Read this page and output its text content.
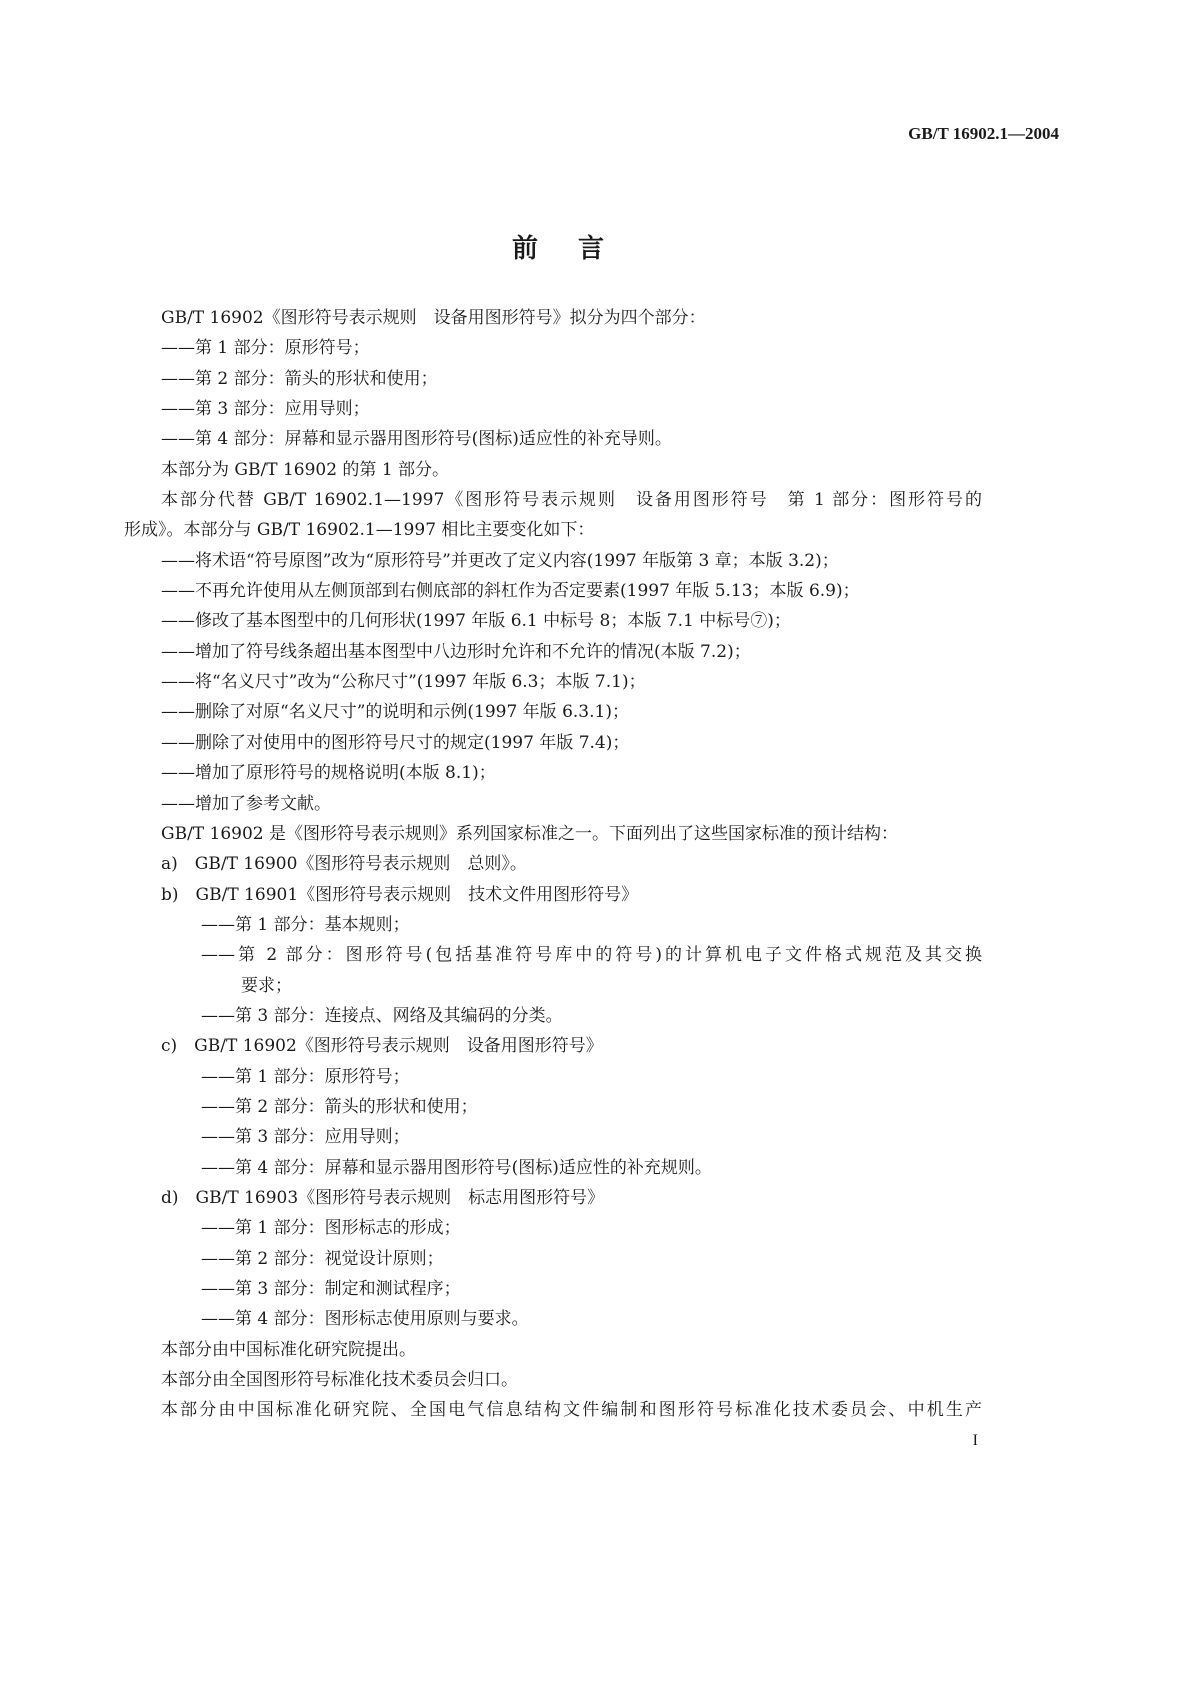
GB/T 16902.1—2004
前言
GB/T 16902《图形符号表示规则　设备用图形符号》拟分为四个部分：
——第 1 部分：原形符号；
——第 2 部分：箭头的形状和使用；
——第 3 部分：应用导则；
——第 4 部分：屏幕和显示器用图形符号(图标)适应性的补充导则。
本部分为 GB/T 16902 的第 1 部分。
本部分代替 GB/T 16902.1—1997《图形符号表示规则　设备用图形符号　第 1 部分：图形符号的
形成》。本部分与 GB/T 16902.1—1997 相比主要变化如下：
——将术语“符号原图”改为“原形符号”并更改了定义内容(1997 年版第 3 章；本版 3.2)；
——不再允许使用从左侧顶部到右侧底部的斜杠作为否定要素(1997 年版 5.13；本版 6.9)；
——修改了基本图型中的几何形状(1997 年版 6.1 中标号 8；本版 7.1 中标号⑦)；
——增加了符号线条超出基本图型中八边形时允许和不允许的情况(本版 7.2)；
——将“名义尺寸”改为“公称尺寸”(1997 年版 6.3；本版 7.1)；
——删除了对原“名义尺寸”的说明和示例(1997 年版 6.3.1)；
——删除了对使用中的图形符号尺寸的规定(1997 年版 7.4)；
——增加了原形符号的规格说明(本版 8.1)；
——增加了参考文献。
GB/T 16902 是《图形符号表示规则》系列国家标准之一。下面列出了这些国家标准的预计结构：
a)　GB/T 16900《图形符号表示规则　总则》。
b)　GB/T 16901《图形符号表示规则　技术文件用图形符号》
——第 1 部分：基本规则；
——第 2 部分：图形符号(包括基准符号库中的符号)的计算机电子文件格式规范及其交换
要求；
——第 3 部分：连接点、网络及其编码的分类。
c)　GB/T 16902《图形符号表示规则　设备用图形符号》
——第 1 部分：原形符号；
——第 2 部分：箭头的形状和使用；
——第 3 部分：应用导则；
——第 4 部分：屏幕和显示器用图形符号(图标)适应性的补充规则。
d)　GB/T 16903《图形符号表示规则　标志用图形符号》
——第 1 部分：图形标志的形成；
——第 2 部分：视觉设计原则；
——第 3 部分：制定和测试程序；
——第 4 部分：图形标志使用原则与要求。
本部分由中国标准化研究院提出。
本部分由全国图形符号标准化技术委员会归口。
本部分由中国标准化研究院、全国电气信息结构文件编制和图形符号标准化技术委员会、中机生产
I
